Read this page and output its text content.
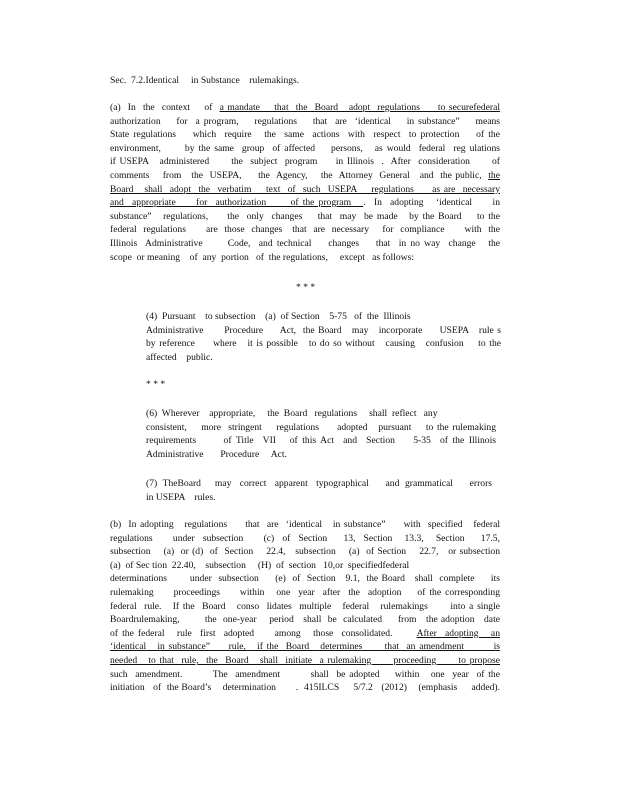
Sec.  7.2.Identical     in Substance    rulemakings.
(a)  In  the  context    of  a mandate    that  the  Board   adopt  regulations     to securefederal
authorization    for  a program,    regulations    that  are  ‘identical    in substance”    means
State regulations    which  require   the  same  actions  with  respect  to protection    of the
environment,      by the same  group  of affected    persons,   as would  federal  reg ulations
if USEPA   administered      the  subject  program     in Illinois  .  After  consideration      of
comments    from   the  USEPA,     the  Agency,    the  Attorney  General   and  the public,  the
Board   shall  adopt  the  verbatim    text  of  such  USEPA    regulations     as are  necessary
and  appropriate     for  authorization      of the program   .  In  adopting   ‘identical     in
substance”   regulations,     the  only  changes    that  may  be made   by the Board    to the
federal  regulations      are  those  changes   that  are  necessary    for  compliance      with  the
Illinois  Administrative      Code,  and technical    changes    that  in no way  change   the
scope  or meaning    of  any  portion   of  the regulations,     except   as follows:
* * *
(4)  Pursuant    to subsection    (a)  of Section    5-75   of  the  Illinois
Administrative      Procedure     Act,  the Board   may   incorporate     USEPA   rule s
by reference     where   it is possible   to do so without   causing   confusion    to the
affected    public.
* * *
(6)  Wherever    appropriate,     the  Board   regulations     shall  reflect   any
consistent,    more  stringent    regulations     adopted   pursuant    to the rulemaking
requirements      of Title  VII   of this Act  and  Section    5-35  of the Illinois
Administrative       Procedure     Act.
(7)  TheBoard     may   correct   apparent   typographical      and  grammatical      errors
in USEPA    rules.
(b)  In adopting   regulations     that  are  ‘identical   in substance”     with  specified   federal
regulations     under  subsection     (c)  of  Section    13,  Section   13.3,   Section    17.5,
subsection    (a)  or (d)  of  Section    22.4,   subsection    (a)  of Section    22.7,   or subsection
(a)  of Sec tion  22.40,    subsection     (H)  of  section   10,or  specifiedfederal
determinations       under  subsection     (e)  of  Section   9.1,  the Board   shall  complete     its
rulemaking     proceedings     within   one  year  after  the  adoption    of the corresponding
federal  rule.   If the  Board   conso  lidates  multiple   federal   rulemakings      into a single
Boardrulemaking,        the  one-year    period   shall  be  calculated     from   the adoption   date
of the federal   rule  first  adopted     among   those  consolidated.      After  adopting   an
‘identical   in substance”     rule,   if the  Board   determines      that  an amendment        is
needed   to that  rule,  the  Board   shall  initiate  a rulemaking      proceeding      to propose
such  amendment.        The  amendment        shall  be adopted    within   one  year  of the
initiation   of  the Board’s    determination       .  415ILCS     5/7.2   (2012)    (emphasis     added).
